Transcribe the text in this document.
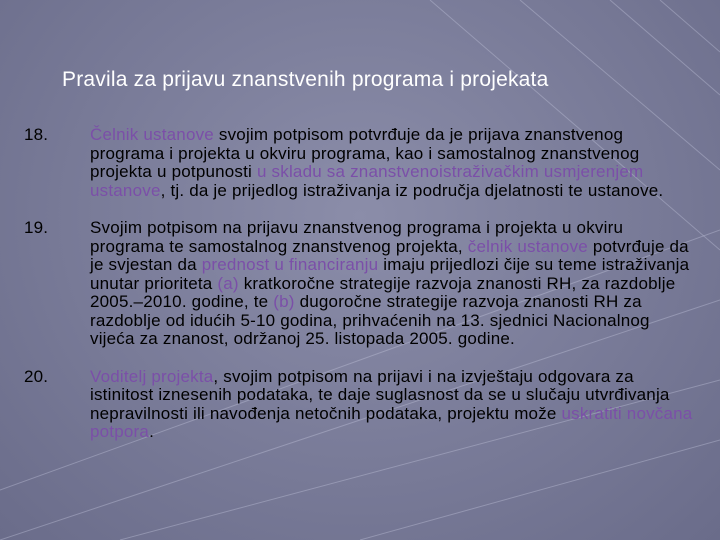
Pravila za prijavu znanstvenih programa i projekata
18.	Čelnik ustanove svojim potpisom potvrđuje da je prijava znanstvenog programa i projekta u okviru programa, kao i samostalnog znanstvenog projekta u potpunosti u skladu sa znanstvenoistraživačkim usmjerenjem ustanove, tj. da je prijedlog istraživanja iz područja djelatnosti te ustanove.
19.	Svojim potpisom na prijavu znanstvenog programa i projekta u okviru programa te samostalnog znanstvenog projekta, čelnik ustanove potvrđuje da je svjestan da prednost u financiranju imaju prijedlozi čije su teme istraživanja unutar prioriteta (a) kratkoročne strategije razvoja znanosti RH, za razdoblje 2005.–2010. godine, te (b) dugoročne strategije razvoja znanosti RH za razdoblje od idućih 5-10 godina, prihvaćenih na 13. sjednici Nacionalnog vijeća za znanost, održanoj 25. listopada 2005. godine.
20.	Voditelj projekta, svojim potpisom na prijavi i na izvještaju odgovara za istinitost iznesenih podataka, te daje suglasnost da se u slučaju utvrđivanja nepravilnosti ili navođenja netočnih podataka, projektu može uskratiti novčana potpora.
